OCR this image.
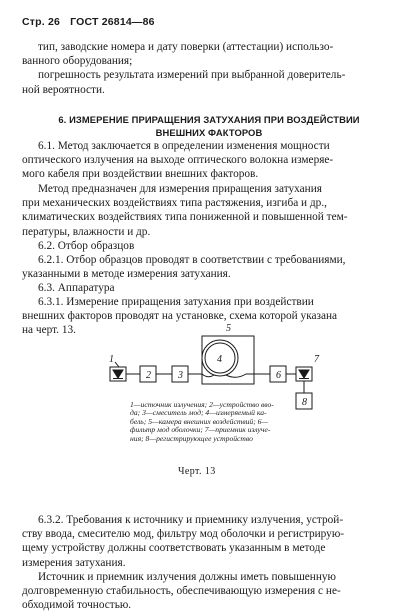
Стр. 26 ГОСТ 26814—86
тип, заводские номера и дату поверки (аттестации) использо-
ванного оборудования;
погрешность результата измерений при выбранной доверитель-
ной вероятности.
6. ИЗМЕРЕНИЕ ПРИРАЩЕНИЯ ЗАТУХАНИЯ ПРИ ВОЗДЕЙСТВИИ
ВНЕШНИХ ФАКТОРОВ
6.1. Метод заключается в определении изменения мощности
оптического излучения на выходе оптического волокна измеряе-
мого кабеля при воздействии внешних факторов.
Метод предназначен для измерения приращения затухания
при механических воздействиях типа растяжения, изгиба и др.,
климатических воздействиях типа пониженной и повышенной тем-
пературы, влажности и др.
6.2. Отбор образцов
6.2.1. Отбор образцов проводят в соответствии с требованиями,
указанными в методе измерения затухания.
6.3. Аппаратура
6.3.1. Измерение приращения затухания при воздействии
внешних факторов проводят на установке, схема которой указана
на черт. 13.
1
2	3
4
5
6
7
8
1—источник излучения; 2—устройство вво-
да; 3—смеситель мод; 4—измеряемый ка-
бель; 5—камера внешних воздействий; 6—
фильтр мод оболочки; 7—приемник излуче-
ния; 8—регистрирующее устройство
Черт. 13
6.3.2. Требования к источнику и приемнику излучения, устрой-
ству ввода, смесителю мод, фильтру мод оболочки и регистрирую-
щему устройству должны соответствовать указанным в методе
измерения затухания.
Источник и приемник излучения должны иметь повышенную
долговременную стабильность, обеспечивающую измерения с не-
обходимой точностью.
